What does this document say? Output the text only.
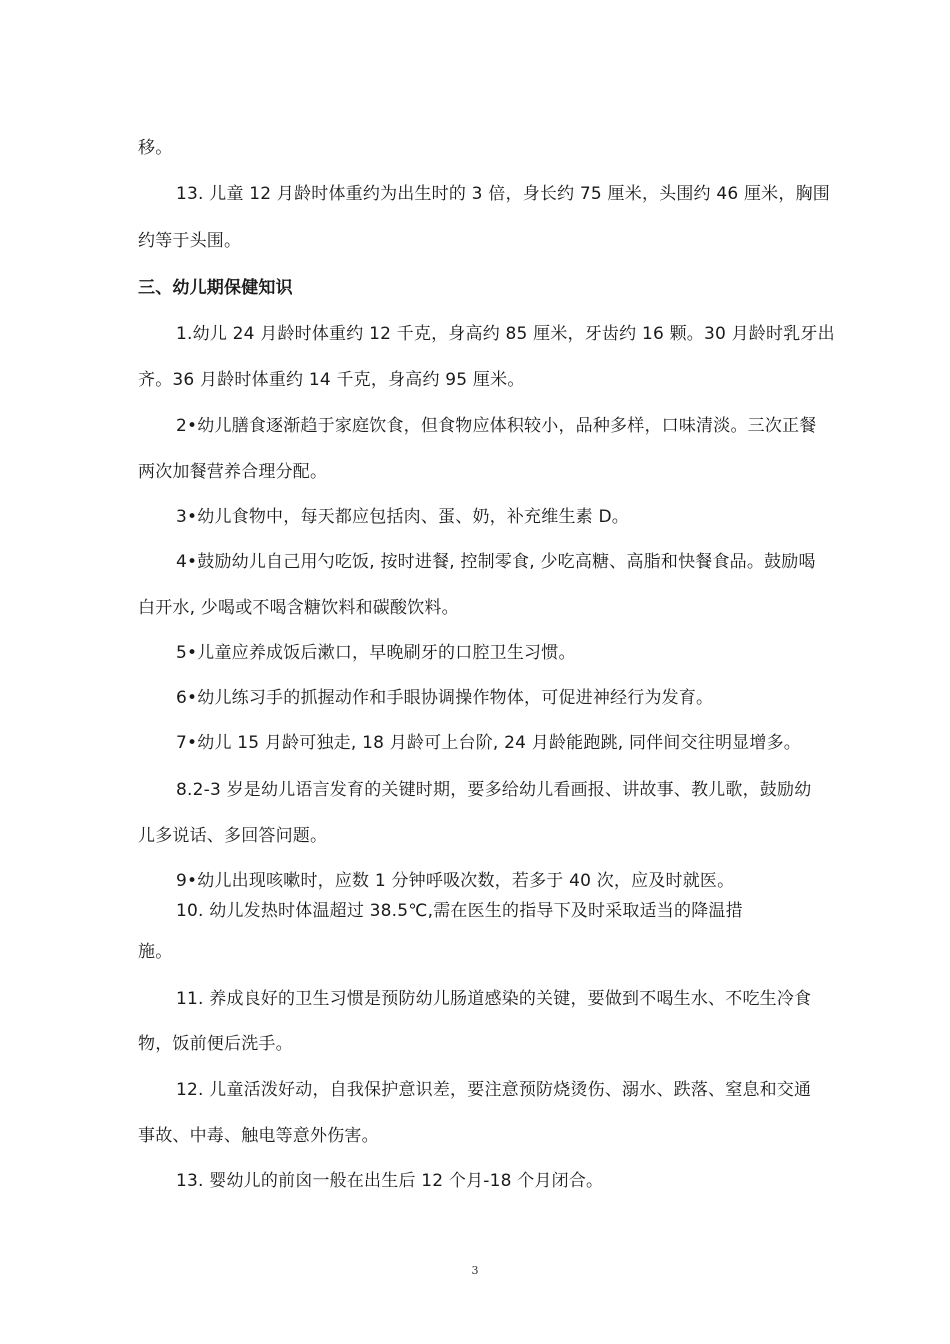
移。
13. 儿童 12 月龄时体重约为出生时的 3 倍，身长约 75 厘米，头围约 46 厘米，胸围
约等于头围。
三、幼儿期保健知识
1.幼儿 24 月龄时体重约 12 千克，身高约 85 厘米，牙齿约 16 颗。30 月龄时乳牙出
齐。36 月龄时体重约 14 千克，身高约 95 厘米。
2•幼儿膳食逐渐趋于家庭饮食，但食物应体积较小，品种多样，口味清淡。三次正餐
两次加餐营养合理分配。
3•幼儿食物中，每天都应包括肉、蛋、奶，补充维生素 D。
4•鼓励幼儿自己用勺吃饭, 按时进餐, 控制零食, 少吃高糖、高脂和快餐食品。鼓励喝
白开水, 少喝或不喝含糖饮料和碳酸饮料。
5•儿童应养成饭后漱口，早晚刷牙的口腔卫生习惯。
6•幼儿练习手的抓握动作和手眼协调操作物体，可促进神经行为发育。
7•幼儿 15 月龄可独走, 18 月龄可上台阶, 24 月龄能跑跳, 同伴间交往明显增多。
8.2-3 岁是幼儿语言发育的关键时期，要多给幼儿看画报、讲故事、教儿歌，鼓励幼
儿多说话、多回答问题。
9•幼儿出现咳嗽时，应数 1 分钟呼吸次数，若多于 40 次，应及时就医。
10. 幼儿发热时体温超过 38.5℃,需在医生的指导下及时采取适当的降温措
施。
11. 养成良好的卫生习惯是预防幼儿肠道感染的关键，要做到不喝生水、不吃生冷食
物，饭前便后洗手。
12. 儿童活泼好动，自我保护意识差，要注意预防烧烫伤、溺水、跌落、窒息和交通
事故、中毒、触电等意外伤害。
13. 婴幼儿的前囟一般在出生后 12 个月-18 个月闭合。
3
